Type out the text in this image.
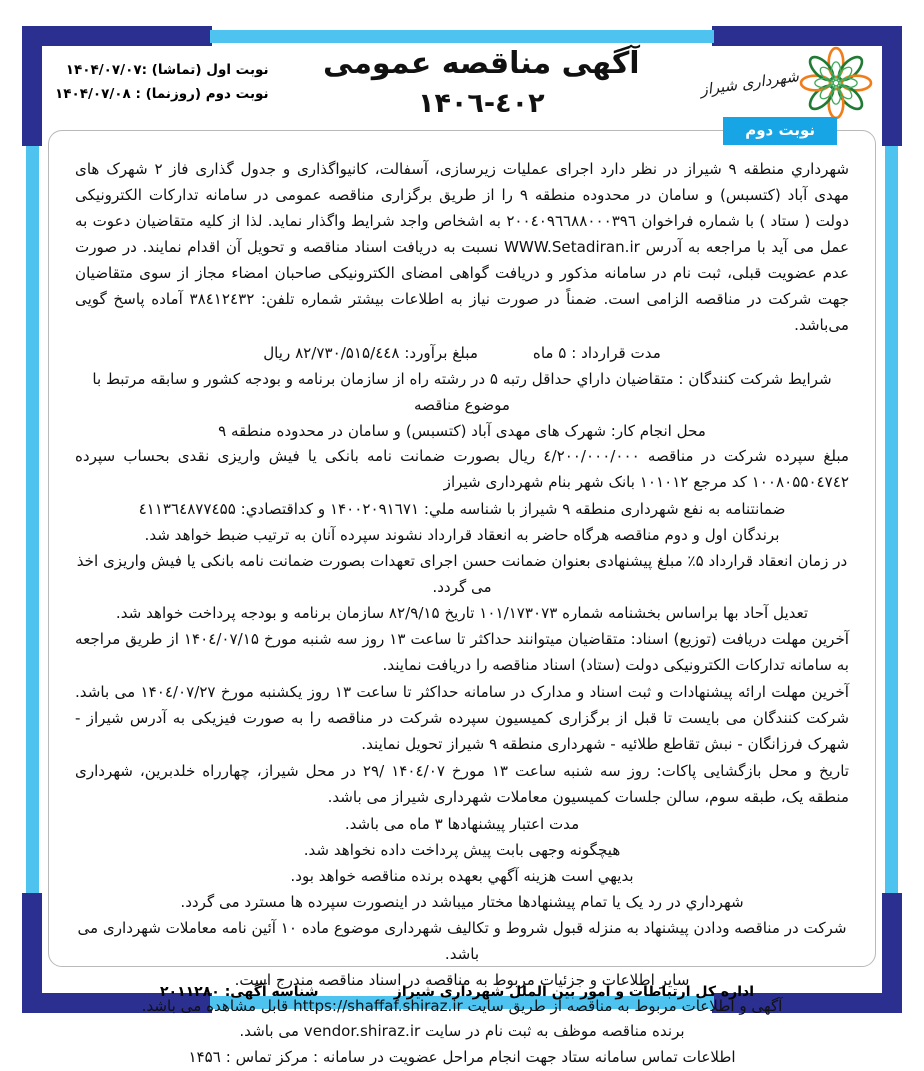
شهرداری شیراز
آگهی مناقصه عمومی
۱۴۰٤-٦۰۲
نوبت اول (تماشا) :۱۴۰۴/۰۷/۰۷
نوبت دوم (روزنما) : ۱۴۰۴/۰۷/۰۸
نوبت دوم

شهرداري منطقه ۹ شیراز در نظر دارد اجرای عملیات زیرسازی، آسفالت، کانیواگذاری و جدول گذاری فاز ۲ شهرک های مهدی آباد (کتسبس) و سامان در محدوده منطقه ۹ را از طریق برگزاری مناقصه عمومی در سامانه تدارکات الکترونیکی دولت ( ستاد ) با شماره فراخوان ۲۰۰٤۰۹٦٦۸۸۰۰۰۳۹٦ به اشخاص واجد شرایط واگذار نماید. لذا از کلیه متقاضیان دعوت به عمل می آید با مراجعه به آدرس WWW.Setadiran.ir نسبت به دریافت اسناد مناقصه و تحویل آن اقدام نمایند. در صورت عدم عضویت قبلی، ثبت نام در سامانه مذکور و دریافت گواهی امضای الکترونیکی صاحبان امضاء مجاز از سوی متقاضیان جهت شرکت در مناقصه الزامی است. ضمناً در صورت نیاز به اطلاعات بیشتر شماره تلفن: ۳۸٤۱۲٤۳۲ آماده پاسخ گویی می‌باشد.

مدت قرارداد : ۵ ماه
مبلغ برآورد: ۸۲/۷۳۰/۵۱۵/٤٤۸ ریال

شرایط شرکت کنندگان : متقاضیان داراي حداقل رتبه ۵ در رشته راه از سازمان برنامه و بودجه کشور و سابقه مرتبط با موضوع مناقصه

محل انجام کار: شهرک های مهدی آباد (کتسبس) و سامان در محدوده منطقه ۹

مبلغ سپرده شرکت در مناقصه ٤/۲۰۰/۰۰۰/۰۰۰ ریال بصورت ضمانت نامه بانکی یا فیش واریزی نقدی بحساب سپرده ۱۰۰۸۰۵۵۰٤۷٤۲ کد مرجع ۱۰۱۰۱۲ بانک شهر بنام شهرداری شیراز

ضمانتنامه به نفع شهرداری منطقه ۹ شیراز با شناسه ملي: ۱۴۰۰۲۰۹۱٦۷۱ و کداقتصادي: ٤۱۱۳٦٤۸۷۷٤۵۵

برندگان اول و دوم مناقصه هرگاه حاضر به انعقاد قرارداد نشوند سپرده آنان به ترتیب ضبط خواهد شد.

در زمان انعقاد قرارداد ۵٪ مبلغ پیشنهادی بعنوان ضمانت حسن اجرای تعهدات بصورت ضمانت نامه بانکی یا فیش واریزی اخذ می گردد.

تعدیل آحاد بها براساس بخشنامه شماره ۱۰۱/۱۷۳۰۷۳ تاریخ ۸۲/۹/۱۵ سازمان برنامه و بودجه پرداخت خواهد شد.

آخرین مهلت دریافت (توزیع) اسناد: متقاضیان میتوانند حداکثر تا ساعت ۱۳ روز سه شنبه مورخ ۱۴۰٤/۰۷/۱۵ از طریق مراجعه به سامانه تدارکات الکترونیکی دولت (ستاد) اسناد مناقصه را دریافت نمایند.

آخرین مهلت ارائه پیشنهادات و ثبت اسناد و مدارک در سامانه حداکثر تا ساعت ۱۳ روز یکشنبه مورخ ۱۴۰٤/۰۷/۲۷ می باشد. شرکت کنندگان می بایست تا قبل از برگزاری کمیسیون سپرده شرکت در مناقصه را به صورت فیزیکی به آدرس شیراز - شهرک فرزانگان - نبش تقاطع طلائیه - شهرداری منطقه ۹ شیراز تحویل نمایند.

تاریخ و محل بازگشایی پاکات: روز سه شنبه ساعت ۱۳ مورخ ۱۴۰٤/۰۷ /۲۹ در محل شیراز، چهارراه خلدبرین، شهرداری منطقه یک، طبقه سوم، سالن جلسات کمیسیون معاملات شهرداری شیراز می باشد.

مدت اعتبار پیشنهادها ۳ ماه می باشد.

هیچگونه وجهی بابت پیش پرداخت داده نخواهد شد.

بدیهي است هزینه آگهي بعهده برنده مناقصه خواهد بود.

شهرداري در رد یک یا تمام پیشنهادها مختار میباشد در اینصورت سپرده ها مسترد می گردد.

شرکت در مناقصه ودادن پیشنهاد به منزله قبول شروط و تکالیف شهرداری موضوع ماده ۱۰ آئین نامه معاملات شهرداری می باشد.

سایر اطلاعات و جزئیات مربوط به مناقصه در اسناد مناقصه مندرج است.

آگهی و اطلاعات مربوط به مناقصه از طریق سایت https://shaffaf.shiraz.ir قابل مشاهده می باشد.

برنده مناقصه موظف به ثبت نام در سایت vendor.shiraz.ir می باشد.

اطلاعات تماس سامانه ستاد جهت انجام مراحل عضویت در سامانه : مرکز تماس : ۱۴۵٦

شناسه آگهی: ۲۰۱۱۲۸۰	اداره کل ارتباطات و امور بین الملل شهرداری شیراز
